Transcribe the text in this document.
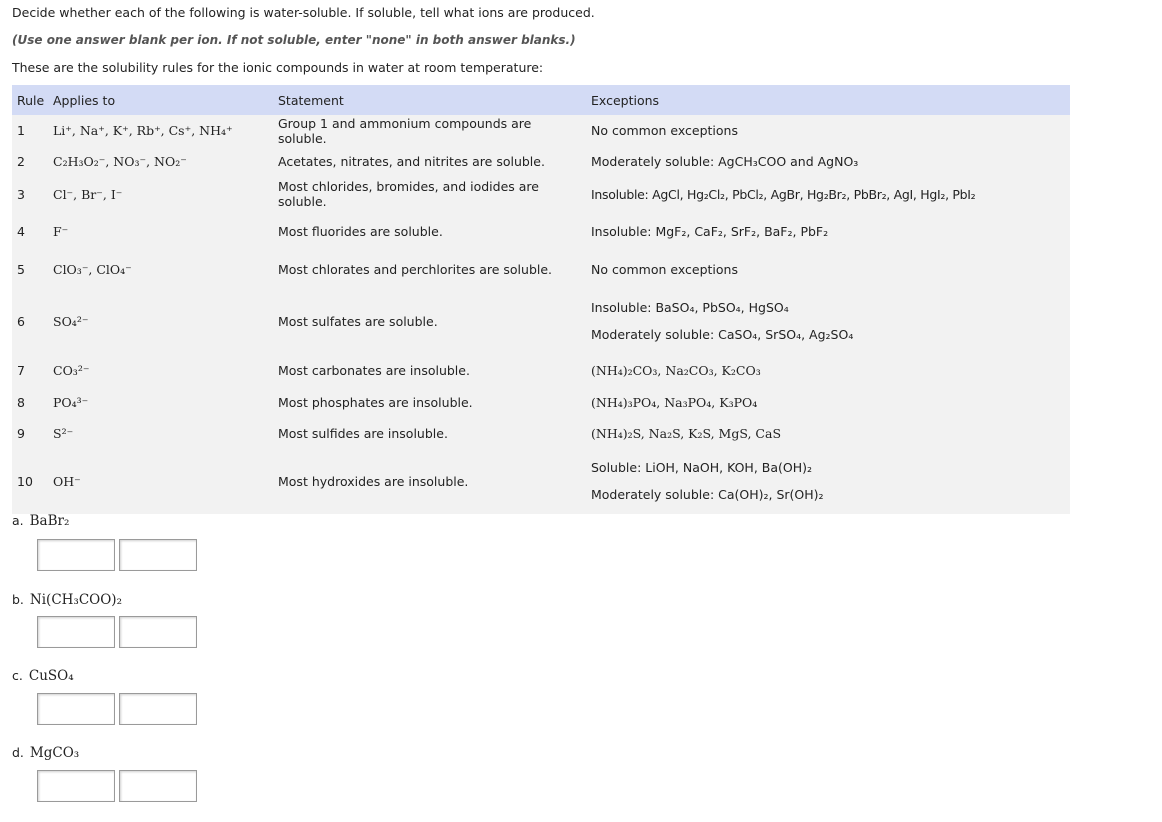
Decide whether each of the following is water-soluble. If soluble, tell what ions are produced.
(Use one answer blank per ion. If not soluble, enter "none" in both answer blanks.)
These are the solubility rules for the ionic compounds in water at room temperature:
Rule	Applies to	Statement	Exceptions
1	Li⁺, Na⁺, K⁺, Rb⁺, Cs⁺, NH₄⁺	Group 1 and ammonium compounds are soluble.	No common exceptions
2	C₂H₃O₂⁻, NO₃⁻, NO₂⁻	Acetates, nitrates, and nitrites are soluble.	Moderately soluble: AgCH₃COO and AgNO₃
3	Cl⁻, Br⁻, I⁻	Most chlorides, bromides, and iodides are soluble.	Insoluble: AgCl, Hg₂Cl₂, PbCl₂, AgBr, Hg₂Br₂, PbBr₂, AgI, HgI₂, PbI₂
4	F⁻	Most fluorides are soluble.	Insoluble: MgF₂, CaF₂, SrF₂, BaF₂, PbF₂
5	ClO₃⁻, ClO₄⁻	Most chlorates and perchlorites are soluble.	No common exceptions
6	SO₄²⁻	Most sulfates are soluble.	Insoluble: BaSO₄, PbSO₄, HgSO₄
Moderately soluble: CaSO₄, SrSO₄, Ag₂SO₄

7	CO₃²⁻	Most carbonates are insoluble.	(NH₄)₂CO₃, Na₂CO₃, K₂CO₃
8	PO₄³⁻	Most phosphates are insoluble.	(NH₄)₃PO₄, Na₃PO₄, K₃PO₄
9	S²⁻	Most sulfides are insoluble.	(NH₄)₂S, Na₂S, K₂S, MgS, CaS
10	OH⁻	Most hydroxides are insoluble.	Soluble: LiOH, NaOH, KOH, Ba(OH)₂
Moderately soluble: Ca(OH)₂, Sr(OH)₂
a. BaBr₂
b. Ni(CH₃COO)₂
c. CuSO₄
d. MgCO₃
